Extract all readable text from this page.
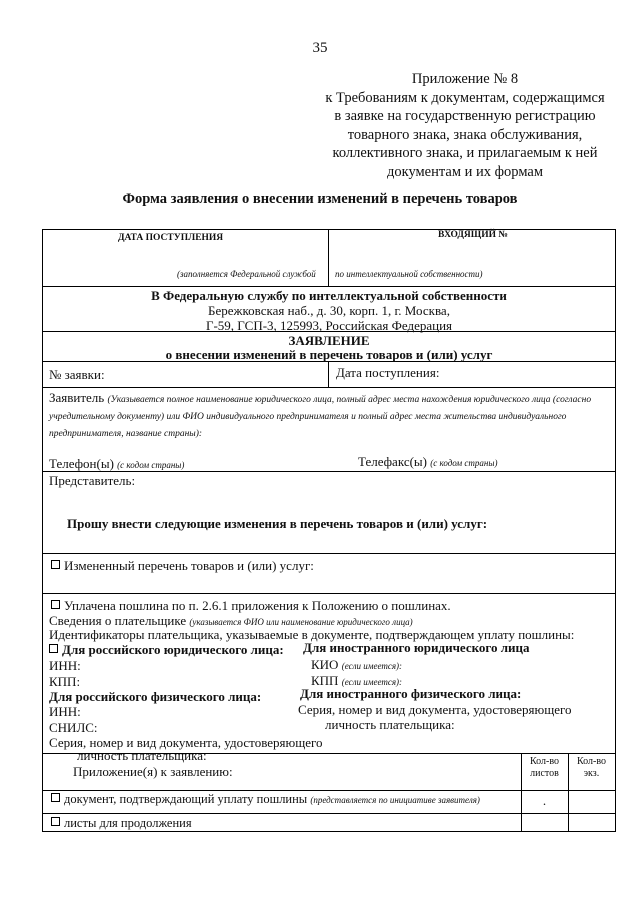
35
Приложение № 8
к Требованиям к документам, содержащимся
в заявке на государственную регистрацию
товарного знака, знака обслуживания,
коллективного знака, и прилагаемым к ней
документам и их формам
Форма заявления о внесении изменений в перечень товаров
ДАТА ПОСТУПЛЕНИЯ	ВХОДЯЩИЙ №
(заполняется Федеральной службой по интеллектуальной собственности)
В Федеральную службу по интеллектуальной собственности
Бережковская наб., д. 30, корп. 1, г. Москва,
Г-59, ГСП-3, 125993, Российская Федерация
ЗАЯВЛЕНИЕ
о внесении изменений в перечень товаров и (или) услуг
№ заявки:	Дата поступления:
Заявитель (Указывается полное наименование юридического лица, полный адрес места нахождения юридического лица (согласно учредительному документу) или ФИО индивидуального предпринимателя и полный адрес места жительства индивидуального предпринимателя, название страны):
Телефон(ы) (с кодом страны)	Телефакс(ы) (с кодом страны)
Представитель:
Прошу внести следующие изменения в перечень товаров и (или) услуг:
Измененный перечень товаров и (или) услуг:
Уплачена пошлина по п. 2.6.1 приложения к Положению о пошлинах.
Сведения о плательщике (указывается ФИО или наименование юридического лица)
Идентификаторы плательщика, указываемые в документе, подтверждающем уплату пошлины:
Для российского юридического лица:
ИНН:
КПП:
Для иностранного юридического лица
КИО (если имеется):
КПП (если имеется):
Для российского физического лица:
ИНН:
СНИЛС:
Серия, номер и вид документа, удостоверяющего
личность плательщика:
Для иностранного физического лица:
Серия, номер и вид документа, удостоверяющего
личность плательщика:
Приложение(я) к заявлению:
Кол-во
листов
Кол-во
экз.
документ, подтверждающий уплату пошлины (представляется по инициативе заявителя)	.
листы для продолжения
